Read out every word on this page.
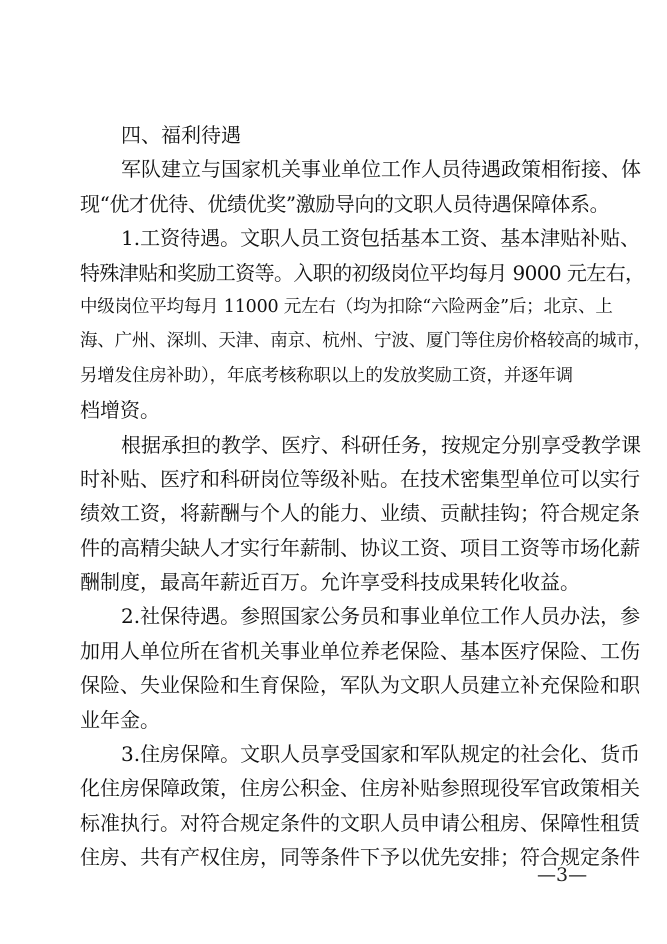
四、福利待遇
军队建立与国家机关事业单位工作人员待遇政策相衔接、体
现“优才优待、优绩优奖”激励导向的文职人员待遇保障体系。
1.工资待遇。文职人员工资包括基本工资、基本津贴补贴、
特殊津贴和奖励工资等。入职的初级岗位平均每月 9000 元左右，
中级岗位平均每月 11000 元左右（均为扣除“六险两金”后；北京、上
海、广州、深圳、天津、南京、杭州、宁波、厦门等住房价格较高的城市，
另增发住房补助），年底考核称职以上的发放奖励工资，并逐年调
档增资。
根据承担的教学、医疗、科研任务，按规定分别享受教学课
时补贴、医疗和科研岗位等级补贴。在技术密集型单位可以实行
绩效工资，将薪酬与个人的能力、业绩、贡献挂钩；符合规定条
件的高精尖缺人才实行年薪制、协议工资、项目工资等市场化薪
酬制度，最高年薪近百万。允许享受科技成果转化收益。
2.社保待遇。参照国家公务员和事业单位工作人员办法，参
加用人单位所在省机关事业单位养老保险、基本医疗保险、工伤
保险、失业保险和生育保险，军队为文职人员建立补充保险和职
业年金。
3.住房保障。文职人员享受国家和军队规定的社会化、货币
化住房保障政策，住房公积金、住房补贴参照现役军官政策相关
标准执行。对符合规定条件的文职人员申请公租房、保障性租赁
住房、共有产权住房，同等条件下予以优先安排；符合规定条件
—3—
